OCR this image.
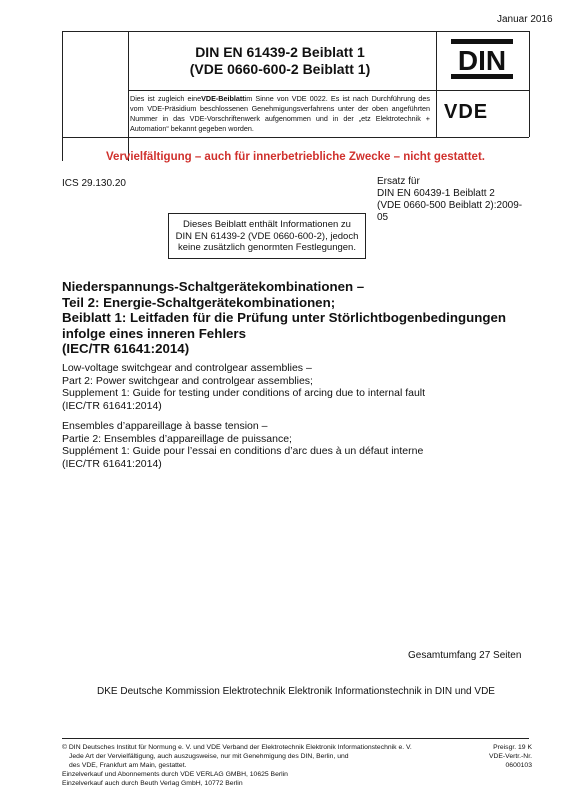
Januar 2016
DIN EN 61439-2 Beiblatt 1
(VDE 0660-600-2 Beiblatt 1)	DIN
Dies ist zugleich eineVDE-Beiblattim Sinne von VDE 0022. Es ist nach Durchführung des vom VDE-Präsidium beschlossenen Genehmigungsverfahrens unter der oben angeführten Nummer in das VDE-Vorschriftenwerk aufgenommen und in der „etz Elektrotechnik + Automation“ bekannt gegeben worden.
VDE
Vervielfältigung – auch für innerbetriebliche Zwecke – nicht gestattet.
ICS 29.130.20	Ersatz für
DIN EN 60439-1 Beiblatt 2
(VDE 0660-500 Beiblatt 2):2009-
05
Dieses Beiblatt enthält Informationen zu
DIN EN 61439-2 (VDE 0660-600-2), jedoch
keine zusätzlich genormten Festlegungen.
Niederspannungs-Schaltgerätekombinationen –
Teil 2: Energie-Schaltgerätekombinationen;
Beiblatt 1: Leitfaden für die Prüfung unter Störlichtbogenbedingungen
infolge eines inneren Fehlers
(IEC/TR 61641:2014)
Low-voltage switchgear and controlgear assemblies –
Part 2: Power switchgear and controlgear assemblies;
Supplement 1: Guide for testing under conditions of arcing due to internal fault
(IEC/TR 61641:2014)
Ensembles d’appareillage à basse tension –
Partie 2: Ensembles d’appareillage de puissance;
Supplément 1: Guide pour l’essai en conditions d’arc dues à un défaut interne
(IEC/TR 61641:2014)
Gesamtumfang 27 Seiten
DKE Deutsche Kommission Elektrotechnik Elektronik Informationstechnik in DIN und VDE
© DIN Deutsches Institut für Normung e. V. und VDE Verband der Elektrotechnik Elektronik Informationstechnik e. V.
Jede Art der Vervielfältigung, auch auszugsweise, nur mit Genehmigung des DIN, Berlin, und
des VDE, Frankfurt am Main, gestattet.
Einzelverkauf und Abonnements durch VDE VERLAG GMBH, 10625 Berlin
Einzelverkauf auch durch Beuth Verlag GmbH, 10772 Berlin
Preisgr. 19 K
VDE-Vertr.-Nr. 0600103
